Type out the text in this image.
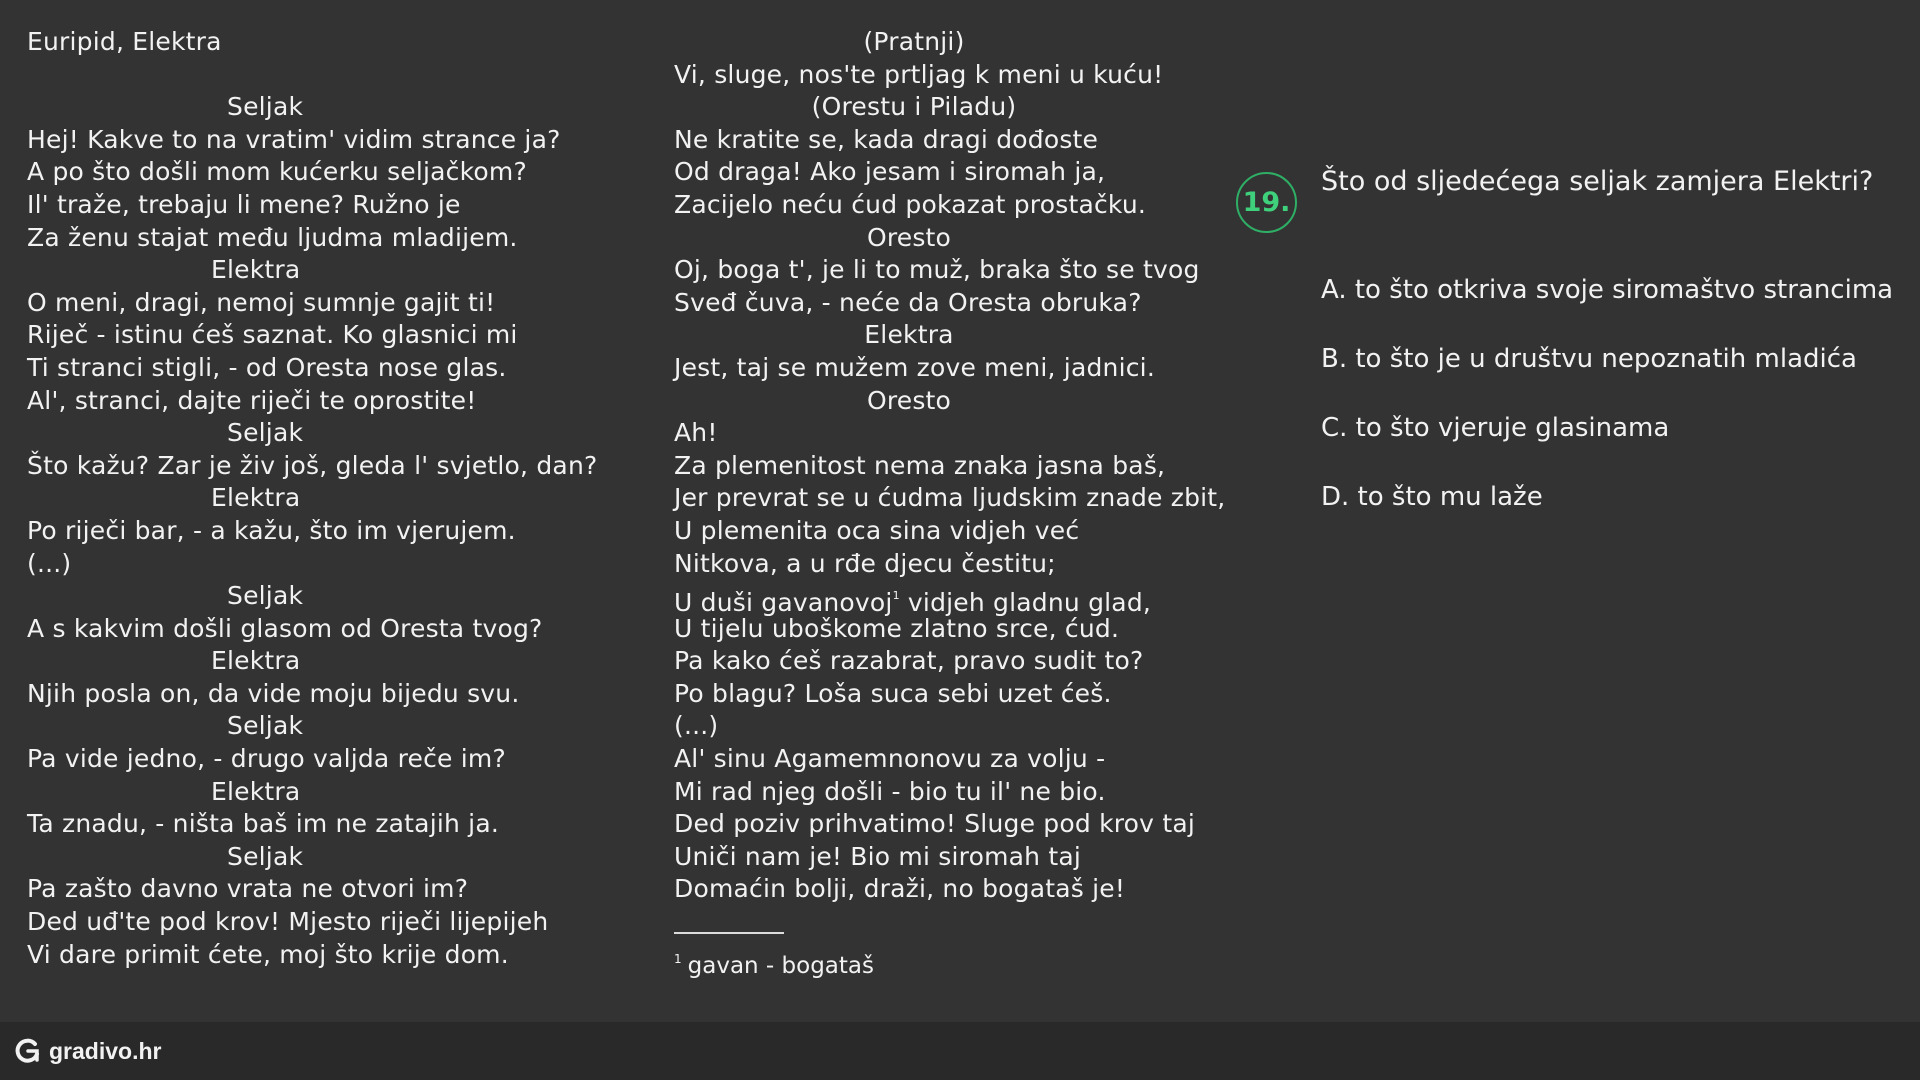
Euripid, Elektra
Seljak
Hej! Kakve to na vratim' vidim strance ja?
A po što došli mom kućerku seljačkom?
Il' traže, trebaju li mene? Ružno je
Za ženu stajat među ljudma mladijem.
Elektra
O meni, dragi, nemoj sumnje gajit ti!
Riječ - istinu ćeš saznat. Ko glasnici mi
Ti stranci stigli, - od Oresta nose glas.
Al', stranci, dajte riječi te oprostite!
Seljak
Što kažu? Zar je živ još, gleda l' svjetlo, dan?
Elektra
Po riječi bar, - a kažu, što im vjerujem.
(...)
Seljak
A s kakvim došli glasom od Oresta tvog?
Elektra
Njih posla on, da vide moju bijedu svu.
Seljak
Pa vide jedno, - drugo valjda reče im?
Elektra
Ta znadu, - ništa baš im ne zatajih ja.
Seljak
Pa zašto davno vrata ne otvori im?
Ded uđ'te pod krov! Mjesto riječi lijepijeh
Vi dare primit ćete, moj što krije dom.
(Pratnji)
Vi, sluge, nos'te prtljag k meni u kuću!
(Orestu i Piladu)
Ne kratite se, kada dragi dođoste
Od draga! Ako jesam i siromah ja,
Zacijelo neću ćud pokazat prostačku.
Oresto
Oj, boga t', je li to muž, braka što se tvog
Sveđ čuva, - neće da Oresta obruka?
Elektra
Jest, taj se mužem zove meni, jadnici.
Oresto
Ah!
Za plemenitost nema znaka jasna baš,
Jer prevrat se u ćudma ljudskim znade zbit,
U plemenita oca sina vidjeh već
Nitkova, a u rđe djecu čestitu;
U duši gavanovoj$^1$ vidjeh gladnu glad,
U tijelu uboškome zlatno srce, ćud.
Pa kako ćeš razabrat, pravo sudit to?
Po blagu? Loša suca sebi uzet ćeš.
(...)
Al' sinu Agamemnonovu za volju -
Mi rad njeg došli - bio tu il' ne bio.
Ded poziv prihvatimo! Sluge pod krov taj
Uniči nam je! Bio mi siromah taj
Domaćin bolji, draži, no bogataš je!
$^1$ gavan - bogataš
19.
Što od sljedećega seljak zamjera Elektri?
A. to što otkriva svoje siromaštvo strancima
B. to što je u društvu nepoznatih mladića
C. to što vjeruje glasinama
D. to što mu laže
gradivo.hr
